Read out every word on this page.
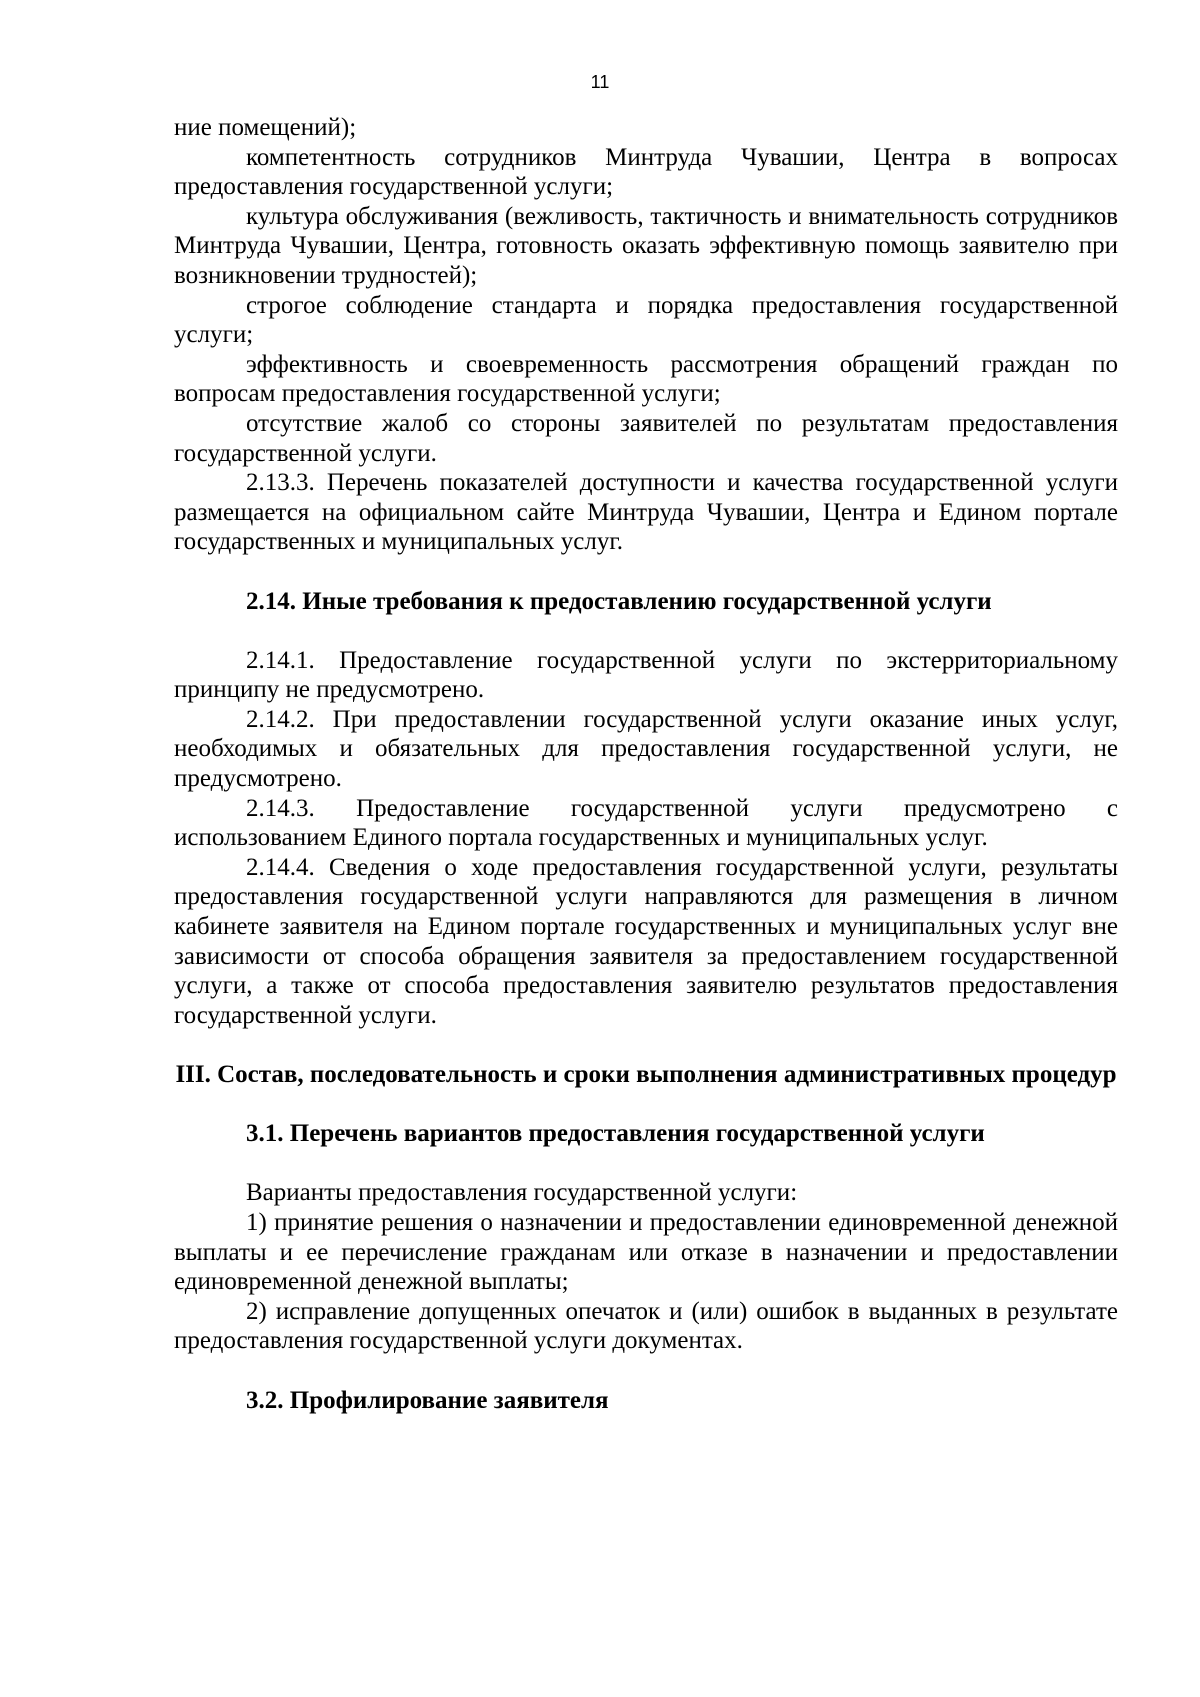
11

ние помещений);

компетентность сотрудников Минтруда Чувашии, Центра в вопросах предоставления государственной услуги;

культура обслуживания (вежливость, тактичность и внимательность сотрудников Минтруда Чувашии, Центра, готовность оказать эффективную помощь заявителю при возникновении трудностей);

строгое соблюдение стандарта и порядка предоставления государственной услуги;

эффективность и своевременность рассмотрения обращений граждан по вопросам предоставления государственной услуги;

отсутствие жалоб со стороны заявителей по результатам предоставления государственной услуги.

2.13.3. Перечень показателей доступности и качества государственной услуги размещается на официальном сайте Минтруда Чувашии, Центра и Едином портале государственных и муниципальных услуг.

2.14. Иные требования к предоставлению государственной услуги

2.14.1. Предоставление государственной услуги по экстерриториальному принципу не предусмотрено.

2.14.2. При предоставлении государственной услуги оказание иных услуг, необходимых и обязательных для предоставления государственной услуги, не предусмотрено.

2.14.3. Предоставление государственной услуги предусмотрено с использованием Единого портала государственных и муниципальных услуг.

2.14.4. Сведения о ходе предоставления государственной услуги, результаты предоставления государственной услуги направляются для размещения в личном кабинете заявителя на Едином портале государственных и муниципальных услуг вне зависимости от способа обращения заявителя за предоставлением государственной услуги, а также от способа предоставления заявителю результатов предоставления государственной услуги.

III. Состав, последовательность и сроки выполнения административных процедур

3.1. Перечень вариантов предоставления государственной услуги

Варианты предоставления государственной услуги:

1) принятие решения о назначении и предоставлении единовременной денежной выплаты и ее перечисление гражданам или отказе в назначении и предоставлении единовременной денежной выплаты;

2) исправление допущенных опечаток и (или) ошибок в выданных в результате предоставления государственной услуги документах.

3.2. Профилирование заявителя
